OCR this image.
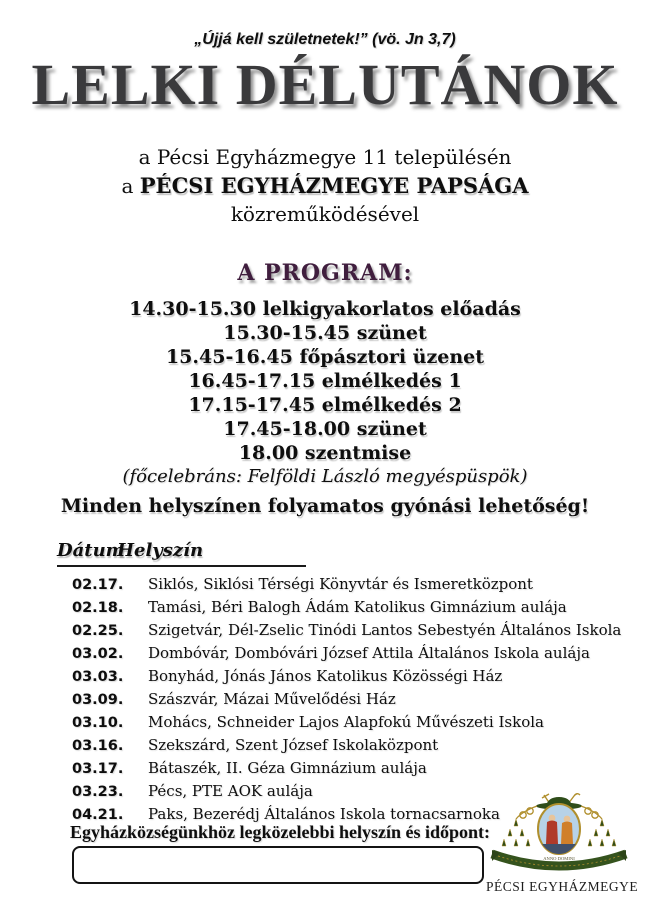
„Újjá kell születnetek!” (vö. Jn 3,7)
LELKI DÉLUTÁNOK
a Pécsi Egyházmegye 11 településén
a PÉCSI EGYHÁZMEGYE PAPSÁGA
közreműködésével
A PROGRAM:
14.30-15.30 lelkigyakorlatos előadás
15.30-15.45 szünet
15.45-16.45 főpásztori üzenet
16.45-17.15 elmélkedés 1
17.15-17.45 elmélkedés 2
17.45-18.00 szünet
18.00 szentmise
(főcelebráns: Felföldi László megyéspüspök)
Minden helyszínen folyamatos gyónási lehetőség!
DátumHelyszín
02.17. Siklós, Siklósi Térségi Könyvtár és Ismeretközpont
02.18. Tamási, Béri Balogh Ádám Katolikus Gimnázium aulája
02.25. Szigetvár, Dél-Zselic Tinódi Lantos Sebestyén Általános Iskola
03.02. Dombóvár, Dombóvári József Attila Általános Iskola aulája
03.03. Bonyhád, Jónás János Katolikus Közösségi Ház
03.09. Szászvár, Mázai Művelődési Ház
03.10. Mohács, Schneider Lajos Alapfokú Művészeti Iskola
03.16. Szekszárd, Szent József Iskolaközpont
03.17. Bátaszék, II. Géza Gimnázium aulája
03.23. Pécs, PTE AOK aulája
04.21. Paks, Bezerédj Általános Iskola tornacsarnoka
Egyházközségünkhöz legközelebbi helyszín és időpont:
ANNO DOMINI
1009
PÉCSI EGYHÁZMEGYE
